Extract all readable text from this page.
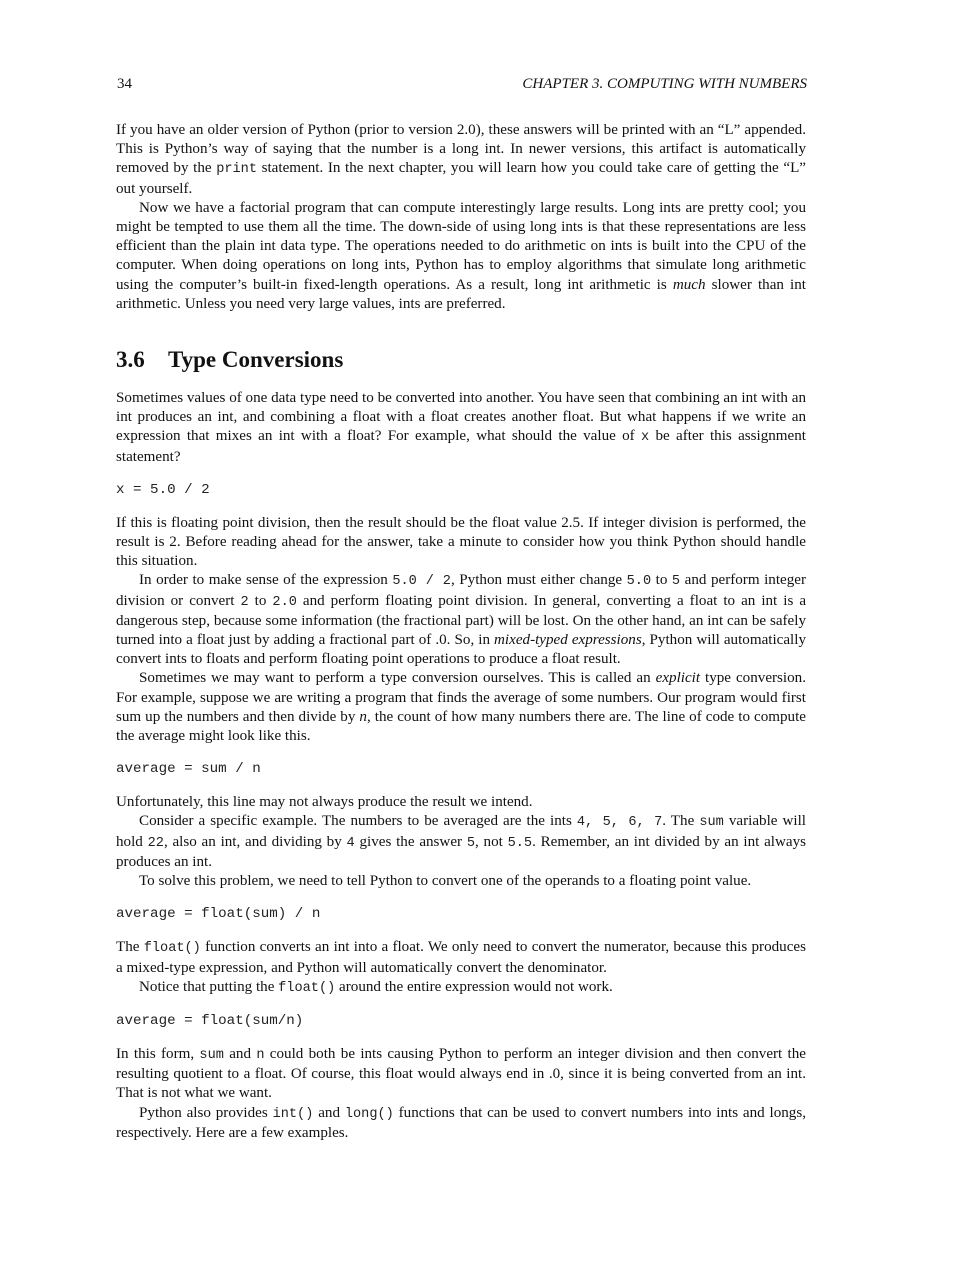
34	CHAPTER 3. COMPUTING WITH NUMBERS

If you have an older version of Python (prior to version 2.0), these answers will be printed with an “L” appended. This is Python’s way of saying that the number is a long int. In newer versions, this artifact is automatically removed by the print statement. In the next chapter, you will learn how you could take care of getting the “L” out yourself.

Now we have a factorial program that can compute interestingly large results. Long ints are pretty cool; you might be tempted to use them all the time. The down-side of using long ints is that these representations are less efficient than the plain int data type. The operations needed to do arithmetic on ints is built into the CPU of the computer. When doing operations on long ints, Python has to employ algorithms that simulate long arithmetic using the computer’s built-in fixed-length operations. As a result, long int arithmetic is much slower than int arithmetic. Unless you need very large values, ints are preferred.

3.6 Type Conversions

Sometimes values of one data type need to be converted into another. You have seen that combining an int with an int produces an int, and combining a float with a float creates another float. But what happens if we write an expression that mixes an int with a float? For example, what should the value of x be after this assignment statement?

x = 5.0 / 2

If this is floating point division, then the result should be the float value 2.5. If integer division is performed, the result is 2. Before reading ahead for the answer, take a minute to consider how you think Python should handle this situation.

In order to make sense of the expression 5.0 / 2, Python must either change 5.0 to 5 and perform integer division or convert 2 to 2.0 and perform floating point division. In general, converting a float to an int is a dangerous step, because some information (the fractional part) will be lost. On the other hand, an int can be safely turned into a float just by adding a fractional part of .0. So, in mixed-typed expressions, Python will automatically convert ints to floats and perform floating point operations to produce a float result.

Sometimes we may want to perform a type conversion ourselves. This is called an explicit type conversion. For example, suppose we are writing a program that finds the average of some numbers. Our program would first sum up the numbers and then divide by n, the count of how many numbers there are. The line of code to compute the average might look like this.

average = sum / n

Unfortunately, this line may not always produce the result we intend.

Consider a specific example. The numbers to be averaged are the ints 4, 5, 6, 7. The sum variable will hold 22, also an int, and dividing by 4 gives the answer 5, not 5.5. Remember, an int divided by an int always produces an int.

To solve this problem, we need to tell Python to convert one of the operands to a floating point value.

average = float(sum) / n

The float() function converts an int into a float. We only need to convert the numerator, because this produces a mixed-type expression, and Python will automatically convert the denominator.

Notice that putting the float() around the entire expression would not work.

average = float(sum/n)

In this form, sum and n could both be ints causing Python to perform an integer division and then convert the resulting quotient to a float. Of course, this float would always end in .0, since it is being converted from an int. That is not what we want.

Python also provides int() and long() functions that can be used to convert numbers into ints and longs, respectively. Here are a few examples.
